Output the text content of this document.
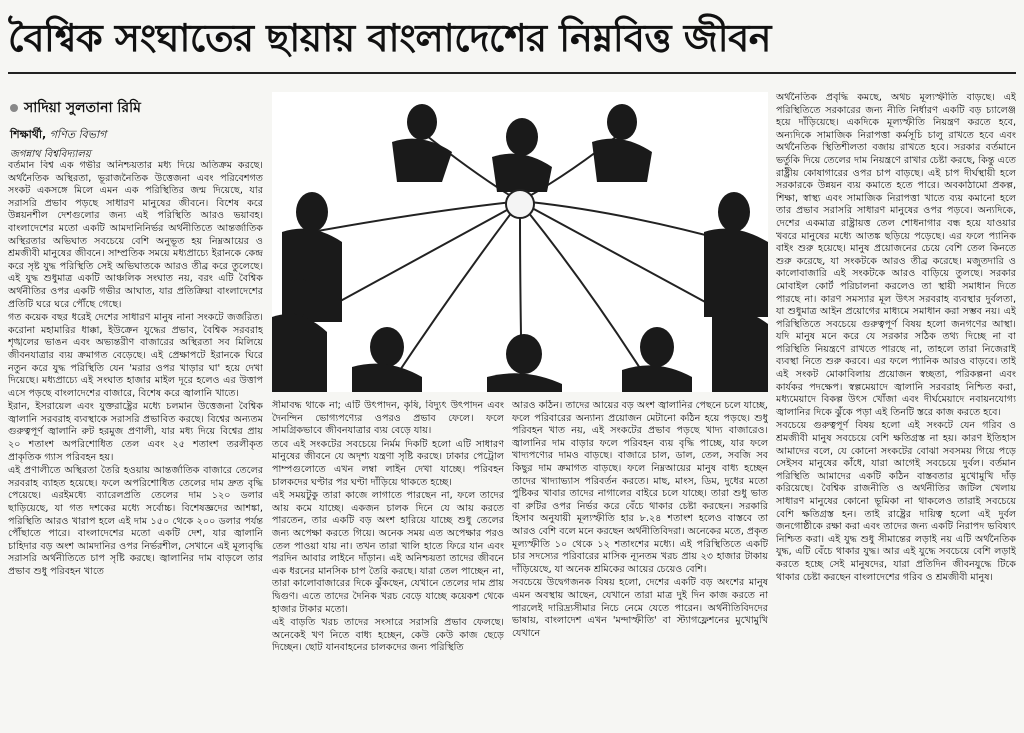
বৈশ্বিক সংঘাতের ছায়ায় বাংলাদেশের নিম্নবিত্ত জীবন
সাদিয়া সুলতানা রিমি
শিক্ষার্থী, গণিত বিভাগ
জগন্নাথ বিশ্ববিদ্যালয়

বর্তমান বিশ্ব এক গভীর অনিশ্চয়তার মধ্য দিয়ে অতিক্রম করছে। অর্থনৈতিক অস্থিরতা, ভূরাজনৈতিক উত্তেজনা এবং পরিবেশগত সংকট একসঙ্গে মিলে এমন এক পরিস্থিতির জন্ম দিয়েছে, যার সরাসরি প্রভাব পড়ছে সাধারণ মানুষের জীবনে। বিশেষ করে উন্নয়নশীল দেশগুলোর জন্য এই পরিস্থিতি আরও ভয়াবহ। বাংলাদেশের মতো একটি আমদানিনির্ভর অর্থনীতিতে আন্তর্জাতিক অস্থিরতার অভিঘাত সবচেয়ে বেশি অনুভূত হয় নিম্নআয়ের ও শ্রমজীবী মানুষের জীবনে। সাম্প্রতিক সময়ে মধ্যপ্রাচ্যে ইরানকে কেন্দ্র করে সৃষ্ট যুদ্ধ পরিস্থিতি সেই অভিঘাতকে আরও তীব্র করে তুলেছে। এই যুদ্ধ শুধুমাত্র একটি আঞ্চলিক সংঘাত নয়, বরং এটি বৈশ্বিক অর্থনীতির ওপর একটি গভীর আঘাত, যার প্রতিক্রিয়া বাংলাদেশের প্রতিটি ঘরে ঘরে পৌঁছে গেছে।

গত কয়েক বছর ধরেই দেশের সাধারণ মানুষ নানা সংকটে জর্জরিত। করোনা মহামারির ধাক্কা, ইউক্রেন যুদ্ধের প্রভাব, বৈশ্বিক সরবরাহ শৃঙ্খলের ভাঙন এবং অভ্যন্তরীণ বাজারের অস্থিরতা সব মিলিয়ে জীবনযাত্রার ব্যয় ক্রমাগত বেড়েছে। এই প্রেক্ষাপটে ইরানকে ঘিরে নতুন করে যুদ্ধ পরিস্থিতি যেন 'মরার ওপর খাড়ার ঘা' হয়ে দেখা দিয়েছে। মধ্যপ্রাচ্যে এই সংঘাত হাজার মাইল দূরে হলেও এর উত্তাপ এসে পড়ছে বাংলাদেশের বাজারে, বিশেষ করে জ্বালানি খাতে।

ইরান, ইসরায়েল এবং যুক্তরাষ্ট্রের মধ্যে চলমান উত্তেজনা বৈশ্বিক জ্বালানি সরবরাহ ব্যবস্থাকে সরাসরি প্রভাবিত করছে। বিশ্বের অন্যতম গুরুত্বপূর্ণ জ্বালানি রুট হরমুজ প্রণালী, যার মধ্য দিয়ে বিশ্বের প্রায় ২০ শতাংশ অপরিশোধিত তেল এবং ২৫ শতাংশ তরলীকৃত প্রাকৃতিক গ্যাস পরিবহন হয়।

এই প্রণালীতে অস্থিরতা তৈরি হওয়ায় আন্তর্জাতিক বাজারে তেলের সরবরাহ ব্যাহত হয়েছে। ফলে অপরিশোধিত তেলের দাম দ্রুত বৃদ্ধি পেয়েছে। এরইমধ্যে ব্যারেলপ্রতি তেলের দাম ১২০ ডলার ছাড়িয়েছে, যা গত দশকের মধ্যে সর্বোচ্চ। বিশেষজ্ঞদের আশঙ্কা, পরিস্থিতি আরও খারাপ হলে এই দাম ১৫০ থেকে ২০০ ডলার পর্যন্ত পৌঁছাতে পারে। বাংলাদেশের মতো একটি দেশ, যার জ্বালানি চাহিদার বড় অংশ আমদানির ওপর নির্ভরশীল, সেখানে এই মূল্যবৃদ্ধি সরাসরি অর্থনীতিতে চাপ সৃষ্টি করছে। জ্বালানির দাম বাড়লে তার প্রভাব শুধু পরিবহন খাতে

সীমাবদ্ধ থাকে না; এটি উৎপাদন, কৃষি, বিদ্যুৎ উৎপাদন এবং দৈনন্দিন ভোগ্যপণ্যের ওপরও প্রভাব ফেলে। ফলে সামগ্রিকভাবে জীবনযাত্রার ব্যয় বেড়ে যায়।

তবে এই সংকটের সবচেয়ে নির্মম দিকটি হলো এটি সাধারণ মানুষের জীবনে যে অদৃশ্য যন্ত্রণা সৃষ্টি করছে। ঢাকার পেট্রোল পাম্পগুলোতে এখন লম্বা লাইন দেখা যাচ্ছে। পরিবহন চালকদের ঘণ্টার পর ঘণ্টা দাঁড়িয়ে থাকতে হচ্ছে।

এই সময়টুকু তারা কাজে লাগাতে পারছেন না, ফলে তাদের আয় কমে যাচ্ছে। একজন চালক দিনে যে আয় করতে পারতেন, তার একটি বড় অংশ হারিয়ে যাচ্ছে শুধু তেলের জন্য অপেক্ষা করতে গিয়ে। অনেক সময় এত অপেক্ষার পরও তেল পাওয়া যায় না। তখন তারা খালি হাতে ফিরে যান এবং পরদিন আবার লাইনে দাঁড়ান। এই অনিশ্চয়তা তাদের জীবনে এক ধরনের মানসিক চাপ তৈরি করছে। যারা তেল পাচ্ছেন না, তারা কালোবাজারের দিকে ঝুঁকছেন, যেখানে তেলের দাম প্রায় দ্বিগুণ। এতে তাদের দৈনিক খরচ বেড়ে যাচ্ছে কয়েকশ থেকে হাজার টাকার মতো।

এই বাড়তি খরচ তাদের সংসারে সরাসরি প্রভাব ফেলছে। অনেকেই খণ নিতে বাধ্য হচ্ছেন, কেউ কেউ কাজ ছেড়ে দিচ্ছেন। ছোট যানবাহনের চালকদের জন্য পরিস্থিতি

আরও কঠিন। তাদের আয়ের বড় অংশ জ্বালানির পেছনে চলে যাচ্ছে, ফলে পরিবারের অন্যান্য প্রয়োজন মেটানো কঠিন হয়ে পড়ছে। শুধু পরিবহন খাত নয়, এই সংকটের প্রভাব পড়ছে খাদ্য বাজারেও। জ্বালানির দাম বাড়ার ফলে পরিবহন ব্যয় বৃদ্ধি পাচ্ছে, যার ফলে খাদ্যপণ্যের দামও বাড়ছে। বাজারে চাল, ডাল, তেল, সবজি সব কিছুর দাম ক্রমাগত বাড়ছে। ফলে নিম্নআয়ের মানুষ বাধ্য হচ্ছেন তাদের খাদ্যাভ্যাস পরিবর্তন করতে। মাছ, মাংস, ডিম, দুধের মতো পুষ্টিকর খাবার তাদের নাগালের বাইরে চলে যাচ্ছে। তারা শুধু ভাত বা রুটির ওপর নির্ভর করে বেঁচে থাকার চেষ্টা করছেন। সরকারি হিসাব অনুযায়ী মূল্যস্ফীতি হার ৮.২৪ শতাংশ হলেও বাস্তবে তা আরও বেশি বলে মনে করছেন অর্থনীতিবিদরা। অনেকের মতে, প্রকৃত মূল্যস্ফীতি ১০ থেকে ১২ শতাংশের মধ্যে। এই পরিস্থিতিতে একটি চার সদস্যের পরিবারের মাসিক ন্যূনতম খরচ প্রায় ২৩ হাজার টাকায় দাঁড়িয়েছে, যা অনেক শ্রমিকের আয়ের চেয়েও বেশি।

সবচেয়ে উদ্বেগজনক বিষয় হলো, দেশের একটি বড় অংশের মানুষ এমন অবস্থায় আছেন, যেখানে তারা মাত্র দুই দিন কাজ করতে না পারলেই দারিদ্র্যসীমার নিচে নেমে যেতে পারেন। অর্থনীতিবিদদের ভাষায়, বাংলাদেশ এখন 'মন্দাস্ফীতি' বা স্ট্যাগফ্লেশনের মুখোমুখি যেখানে

অর্থনৈতিক প্রবৃদ্ধি কমছে, অথচ মূল্যস্ফীতি বাড়ছে। এই পরিস্থিতিতে সরকারের জন্য নীতি নির্ধারণ একটি বড় চ্যালেঞ্জ হয়ে দাঁড়িয়েছে। একদিকে মূল্যস্ফীতি নিয়ন্ত্রণ করতে হবে, অন্যদিকে সামাজিক নিরাপত্তা কর্মসূচি চালু রাখতে হবে এবং অর্থনৈতিক স্থিতিশীলতা বজায় রাখতে হবে। সরকার বর্তমানে ভর্তুকি দিয়ে তেলের দাম নিয়ন্ত্রণে রাখার চেষ্টা করছে, কিন্তু এতে রাষ্ট্রীয় কোষাগারের ওপর চাপ বাড়ছে। এই চাপ দীর্ঘস্থায়ী হলে সরকারকে উন্নয়ন ব্যয় কমাতে হতে পারে। অবকাঠামো প্রকল্প, শিক্ষা, স্বাস্থ্য এবং সামাজিক নিরাপত্তা খাতে ব্যয় কমানো হলে তার প্রভাব সরাসরি সাধারণ মানুষের ওপর পড়বে। অন্যদিকে, দেশের একমাত্র রাষ্ট্রায়ত্ত তেল শোধনাগার বন্ধ হয়ে যাওয়ার খবরে মানুষের মধ্যে আতঙ্ক ছড়িয়ে পড়েছে। এর ফলে প্যানিক বাইং শুরু হয়েছে। মানুষ প্রয়োজনের চেয়ে বেশি তেল কিনতে শুরু করেছে, যা সংকটকে আরও তীব্র করেছে। মজুতদারি ও কালোবাজারি এই সংকটকে আরও বাড়িয়ে তুলছে। সরকার মোবাইল কোর্ট পরিচালনা করলেও তা স্থায়ী সমাধান দিতে পারছে না। কারণ সমস্যার মূল উৎস সরবরাহ ব্যবস্থার দুর্বলতা, যা শুধুমাত্র আইন প্রয়োগের মাধ্যমে সমাধান করা সম্ভব নয়। এই পরিস্থিতিতে সবচেয়ে গুরুত্বপূর্ণ বিষয় হলো জনগণের আস্থা। যদি মানুষ মনে করে যে সরকার সঠিক তথ্য দিচ্ছে না বা পরিস্থিতি নিয়ন্ত্রণে রাখতে পারছে না, তাহলে তারা নিজেরাই ব্যবস্থা নিতে শুরু করবে। এর ফলে প্যানিক আরও বাড়বে। তাই এই সংকট মোকাবিলায় প্রয়োজন স্বচ্ছতা, পরিকল্পনা এবং কার্যকর পদক্ষেপ। স্বল্পমেয়াদে জ্বালানি সরবরাহ নিশ্চিত করা, মধ্যমেয়াদে বিকল্প উৎস খোঁজা এবং দীর্ঘমেয়াদে নবায়নযোগ্য জ্বালানির দিকে ঝুঁকে পড়া এই তিনটি স্তরে কাজ করতে হবে।

সবচেয়ে গুরুত্বপূর্ণ বিষয় হলো এই সংকটে যেন গরিব ও শ্রমজীবী মানুষ সবচেয়ে বেশি ক্ষতিগ্রস্ত না হয়। কারণ ইতিহাস আমাদের বলে, যে কোনো সংকটের বোঝা সবসময় গিয়ে পড়ে সেইসব মানুষের কাঁধে, যারা আগেই সবচেয়ে দুর্বল। বর্তমান পরিস্থিতি আমাদের একটি কঠিন বাস্তবতার মুখোমুখি দাঁড় করিয়েছে। বৈশ্বিক রাজনীতি ও অর্থনীতির জটিল খেলায় সাধারণ মানুষের কোনো ভূমিকা না থাকলেও তারাই সবচেয়ে বেশি ক্ষতিগ্রস্ত হন। তাই রাষ্ট্রের দায়িত্ব হলো এই দুর্বল জনগোষ্ঠীকে রক্ষা করা এবং তাদের জন্য একটি নিরাপদ ভবিষ্যৎ নিশ্চিত করা। এই যুদ্ধ শুধু সীমান্তের লড়াই নয় এটি অর্থনৈতিক যুদ্ধ, এটি বেঁচে থাকার যুদ্ধ। আর এই যুদ্ধে সবচেয়ে বেশি লড়াই করতে হচ্ছে সেই মানুষদের, যারা প্রতিদিন জীবনযুদ্ধে টিকে থাকার চেষ্টা করছেন বাংলাদেশের গরিব ও শ্রমজীবী মানুষ।
